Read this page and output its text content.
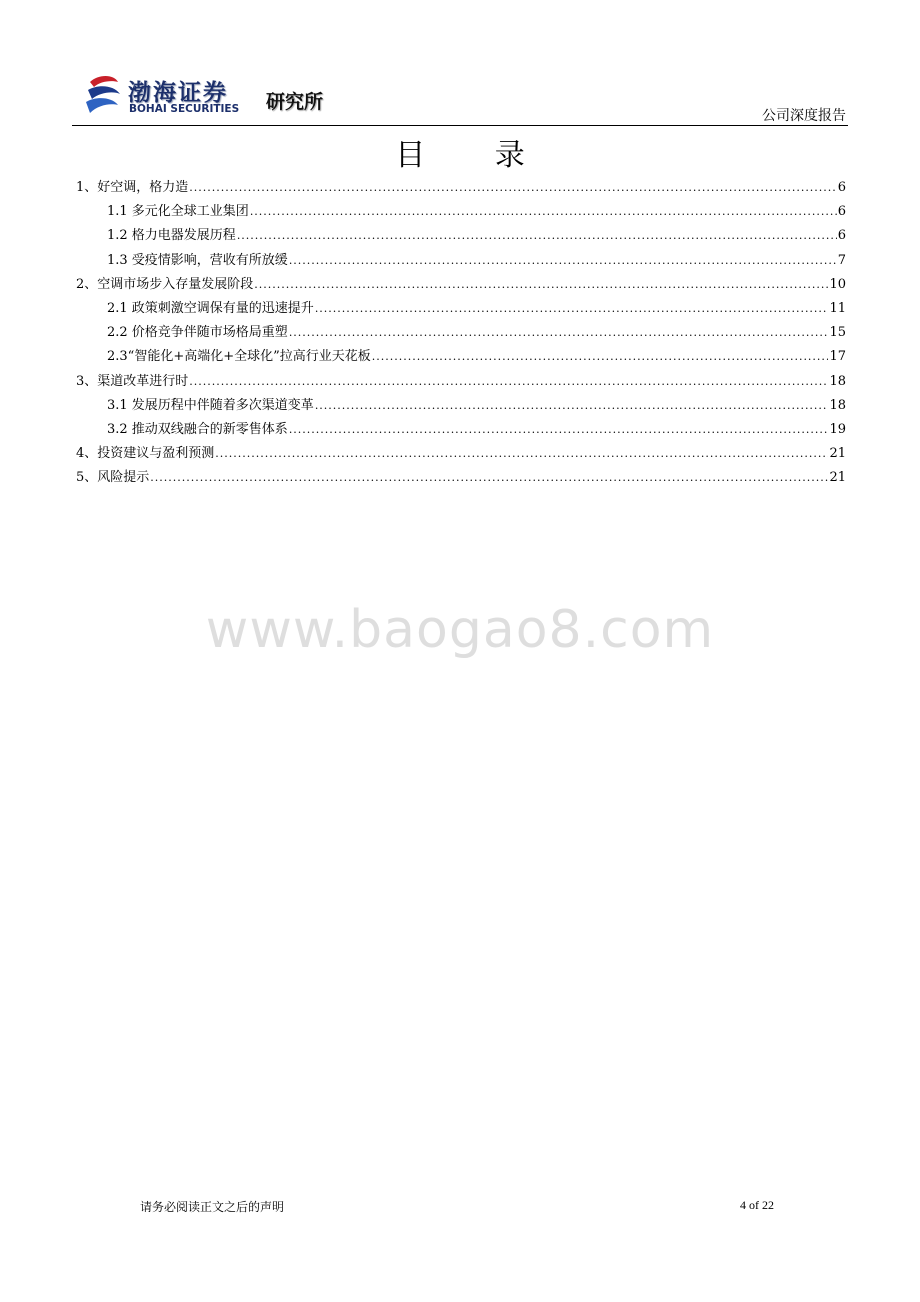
渤海证券
BOHAI SECURITIES 研究所
公司深度报告
目 录
1、好空调，格力造 .....	6
1.1 多元化全球工业集团 .....	6
1.2 格力电器发展历程 .....	6
1.3 受疫情影响，营收有所放缓 .....	7
2、空调市场步入存量发展阶段 .....	10
2.1 政策刺激空调保有量的迅速提升 .....	11
2.2 价格竞争伴随市场格局重塑 .....	15
2.3“智能化+高端化+全球化”拉高行业天花板 .....	17
3、渠道改革进行时 .....	18
3.1 发展历程中伴随着多次渠道变革 .....	18
3.2 推动双线融合的新零售体系 .....	19
4、投资建议与盈利预测 .....	21
5、风险提示 .....	21
www.baogao8.com
请务必阅读正文之后的声明	4 of 22
